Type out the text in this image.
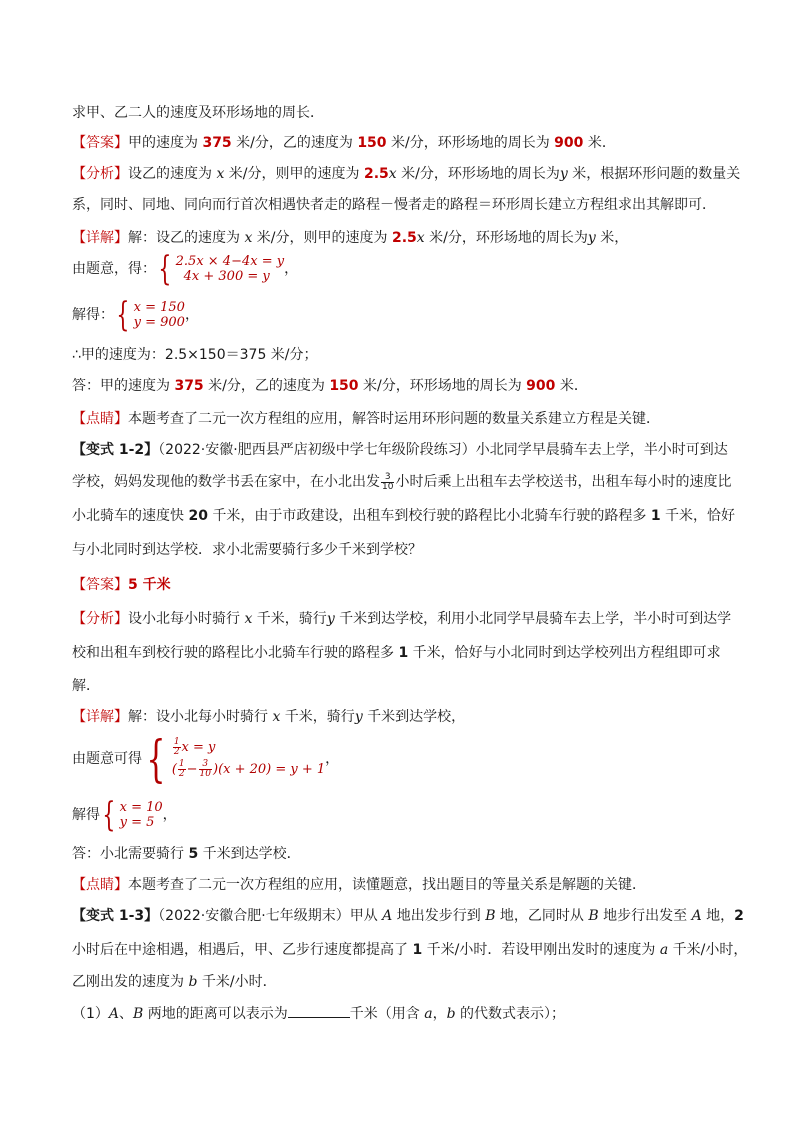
求甲、乙二人的速度及环形场地的周长．
【答案】甲的速度为 375 米/分，乙的速度为 150 米/分，环形场地的周长为 900 米．
【分析】设乙的速度为 x 米/分，则甲的速度为 2.5x 米/分，环形场地的周长为y 米，根据环形问题的数量关
系，同时、同地、同向而行首次相遇快者走的路程－慢者走的路程＝环形周长建立方程组求出其解即可．
【详解】解：设乙的速度为 x 米/分，则甲的速度为 2.5x 米/分，环形场地的周长为y 米，
由题意，得：{ 2.5x × 4−4x = y
4x + 300 = y	，
解得：{ x = 150
y = 900 ，
∴甲的速度为：2.5×150＝375 米/分；
答：甲的速度为 375 米/分，乙的速度为 150 米/分，环形场地的周长为 900 米．
【点睛】本题考查了二元一次方程组的应用，解答时运用环形问题的数量关系建立方程是关键．
【变式 1-2】（2022·安徽·肥西县严店初级中学七年级阶段练习）小北同学早晨骑车去上学，半小时可到达
学校，妈妈发现他的数学书丢在家中，在小北出发 $\frac{3}{10}$ 小时后乘上出租车去学校送书，出租车每小时的速度比
小北骑车的速度快 20 千米，由于市政建设，出租车到校行驶的路程比小北骑车行驶的路程多 1 千米，恰好
与小北同时到达学校．求小北需要骑行多少千米到学校？
【答案】5 千米
【分析】设小北每小时骑行 x 千米，骑行y 千米到达学校，利用小北同学早晨骑车去上学，半小时可到达学
校和出租车到校行驶的路程比小北骑车行驶的路程多 1 千米，恰好与小北同时到达学校列出方程组即可求
解．
【详解】解：设小北每小时骑行 x 千米，骑行y 千米到达学校，
由题意可得{ $\frac{1}{2}$ x = y
( $\frac{1}{2} - \frac{3}{10} )(x + 20) = y + 1$
，
解得{ x = 10
y = 5 ，
答：小北需要骑行 5 千米到达学校．
【点睛】本题考查了二元一次方程组的应用，读懂题意，找出题目的等量关系是解题的关键．
【变式 1-3】（2022·安徽合肥·七年级期末）甲从 A 地出发步行到 B 地，乙同时从 B 地步行出发至 A 地，2
小时后在中途相遇，相遇后，甲、乙步行速度都提高了 1 千米/小时．若设甲刚出发时的速度为 a 千米/小时，
乙刚出发的速度为 b 千米/小时．
（1）A、B 两地的距离可以表示为	千米（用含 a，b 的代数式表示）；
